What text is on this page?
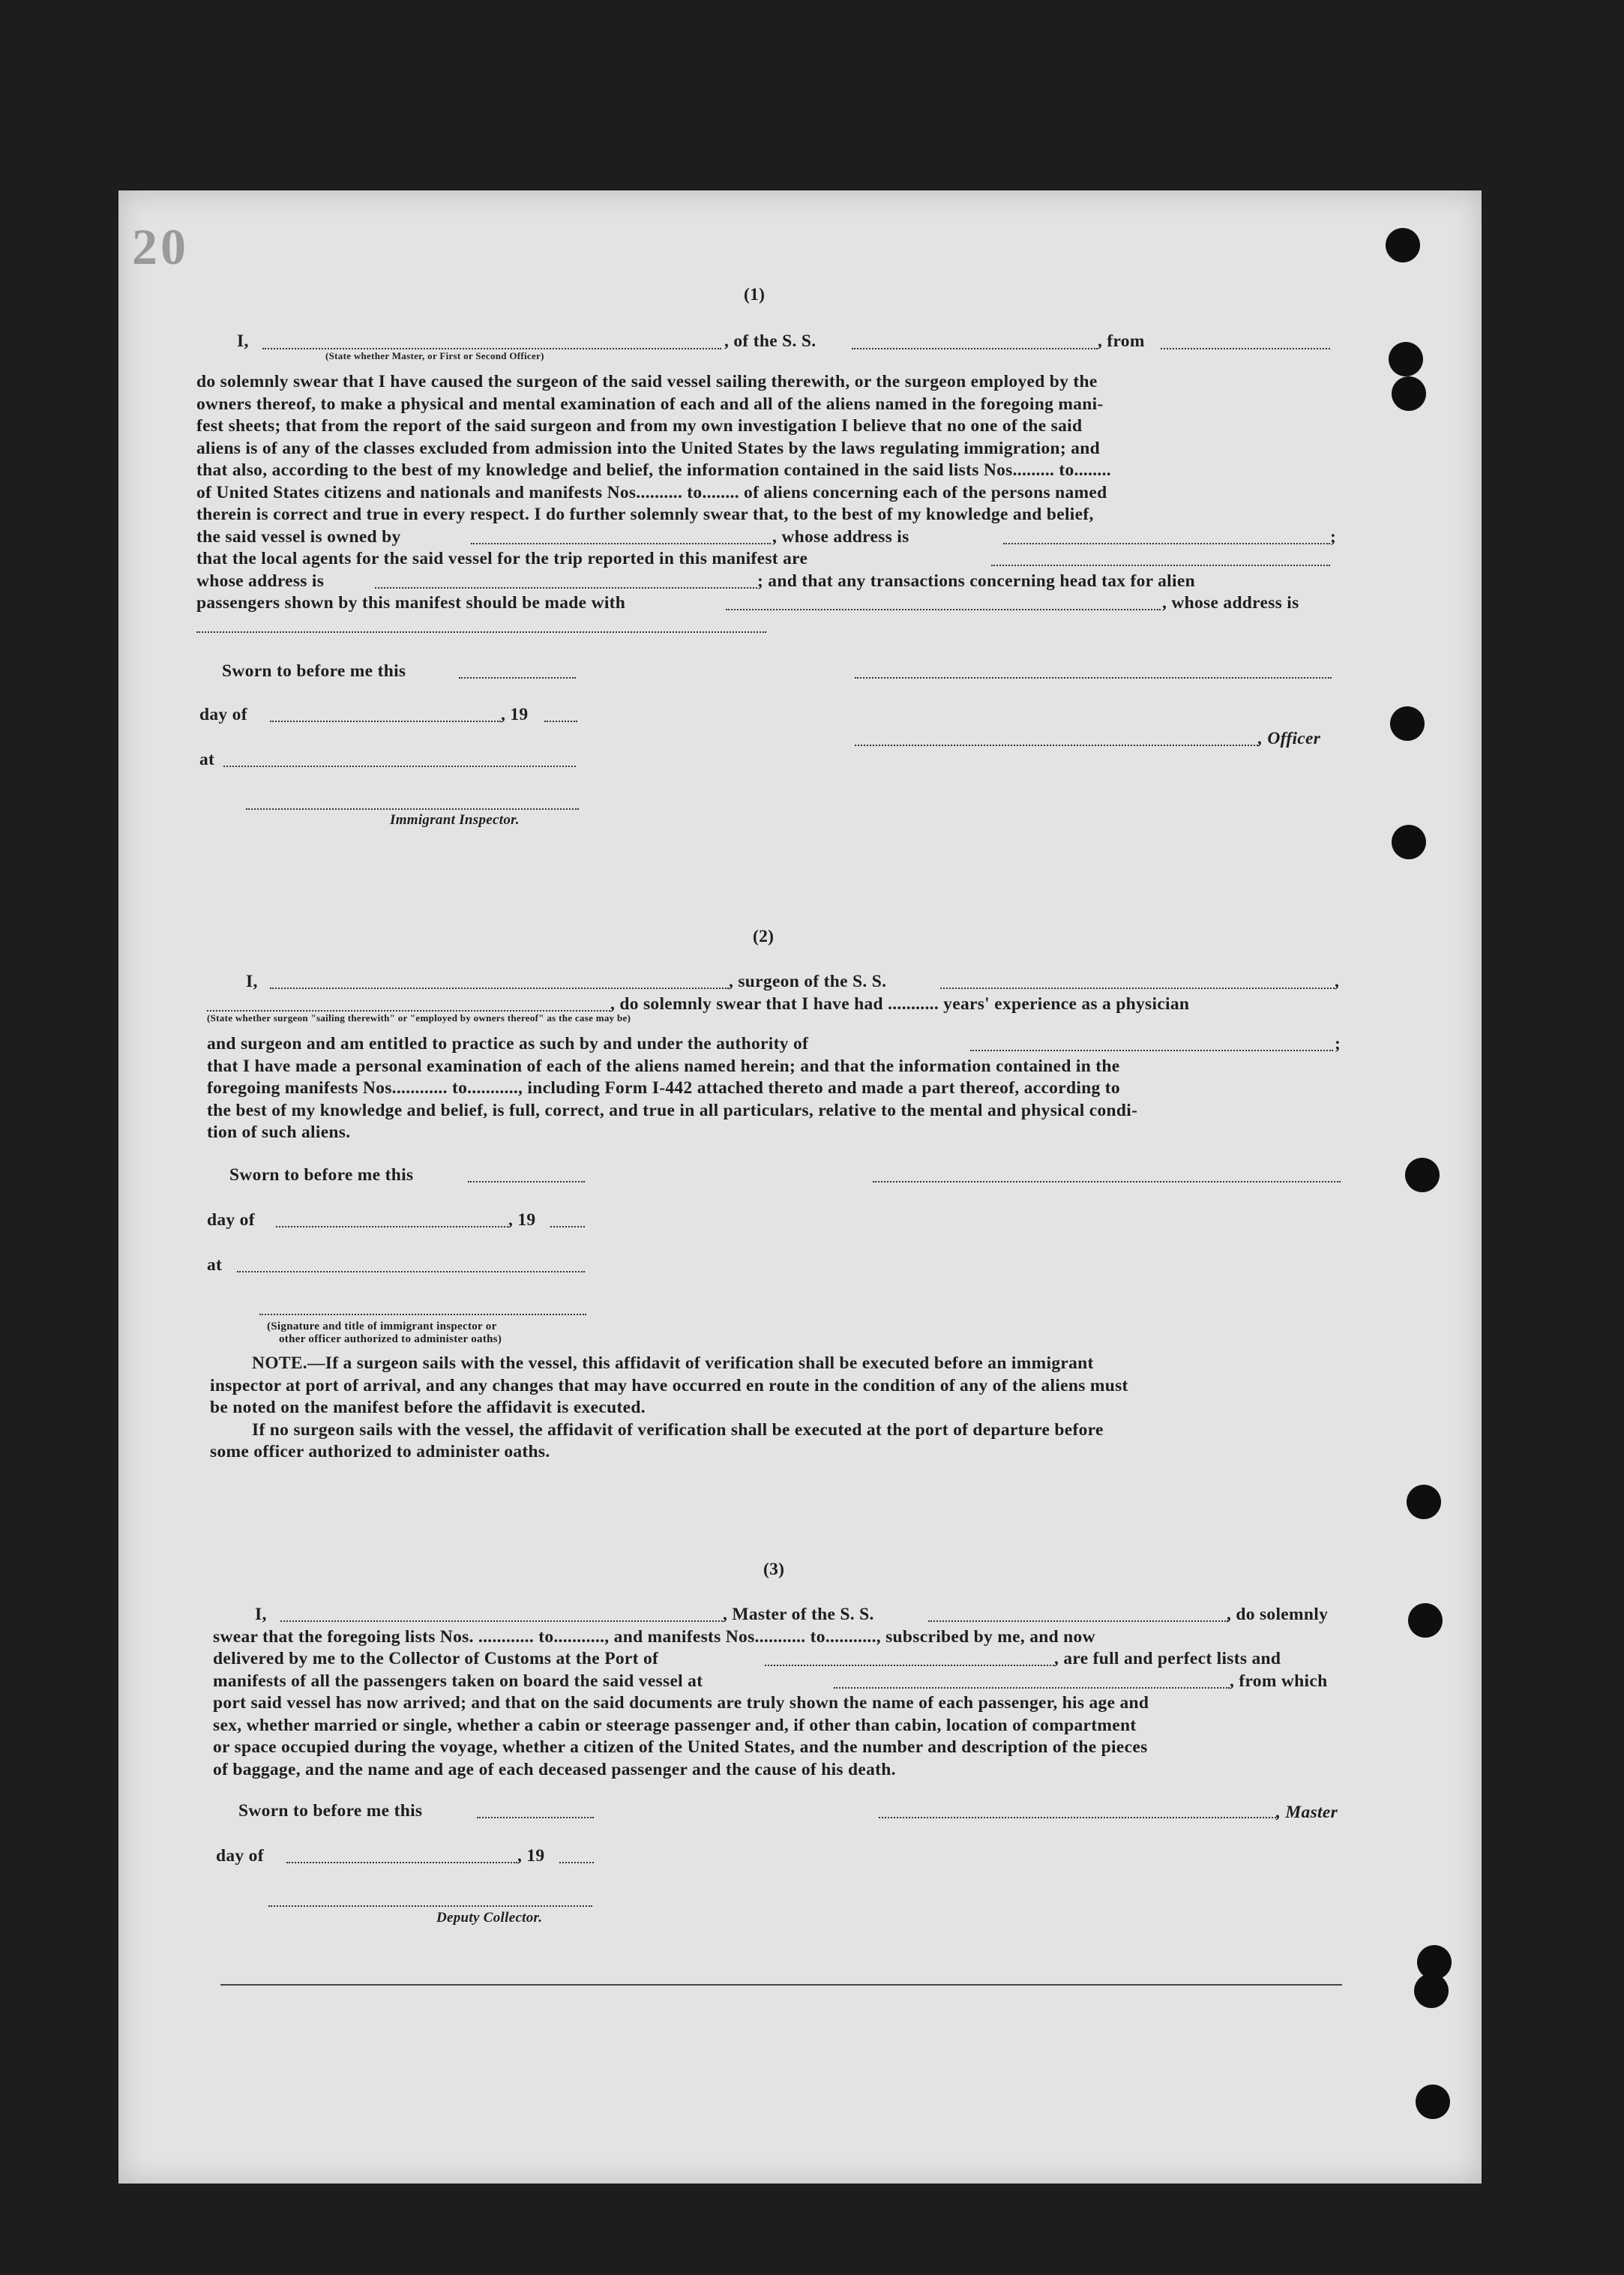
20
(1)
I,	, of the S. S.	, from
(State whether Master, or First or Second Officer)
do solemnly swear that I have caused the surgeon of the said vessel sailing therewith, or the surgeon employed by the
owners thereof, to make a physical and mental examination of each and all of the aliens named in the foregoing mani-
fest sheets; that from the report of the said surgeon and from my own investigation I believe that no one of the said
aliens is of any of the classes excluded from admission into the United States by the laws regulating immigration; and
that also, according to the best of my knowledge and belief, the information contained in the said lists Nos......... to........
of United States citizens and nationals and manifests Nos.......... to........ of aliens concerning each of the persons named
therein is correct and true in every respect. I do further solemnly swear that, to the best of my knowledge and belief,
the said vessel is owned by	, whose address is	;
that the local agents for the said vessel for the trip reported in this manifest are
whose address is	; and that any transactions concerning head tax for alien
passengers shown by this manifest should be made with	, whose address is
Sworn to before me this
day of	, 19
, Officer
at
Immigrant Inspector.
(2)
I,	, surgeon of the S. S.	,
, do solemnly swear that I have had ........... years' experience as a physician
(State whether surgeon "sailing therewith" or "employed by owners thereof" as the case may be)
and surgeon and am entitled to practice as such by and under the authority of	;
that I have made a personal examination of each of the aliens named herein; and that the information contained in the
foregoing manifests Nos............ to..........., including Form I-442 attached thereto and made a part thereof, according to
the best of my knowledge and belief, is full, correct, and true in all particulars, relative to the mental and physical condi-
tion of such aliens.
Sworn to before me this
day of	, 19
at
(Signature and title of immigrant inspector or
other officer authorized to administer oaths)
NOTE.—If a surgeon sails with the vessel, this affidavit of verification shall be executed before an immigrant
inspector at port of arrival, and any changes that may have occurred en route in the condition of any of the aliens must
be noted on the manifest before the affidavit is executed.
If no surgeon sails with the vessel, the affidavit of verification shall be executed at the port of departure before
some officer authorized to administer oaths.
(3)
I,	, Master of the S. S.	, do solemnly
swear that the foregoing lists Nos. ............ to..........., and manifests Nos........... to..........., subscribed by me, and now
delivered by me to the Collector of Customs at the Port of	, are full and perfect lists and
manifests of all the passengers taken on board the said vessel at	, from which
port said vessel has now arrived; and that on the said documents are truly shown the name of each passenger, his age and
sex, whether married or single, whether a cabin or steerage passenger and, if other than cabin, location of compartment
or space occupied during the voyage, whether a citizen of the United States, and the number and description of the pieces
of baggage, and the name and age of each deceased passenger and the cause of his death.
Sworn to before me this	, Master
day of	, 19
Deputy Collector.
